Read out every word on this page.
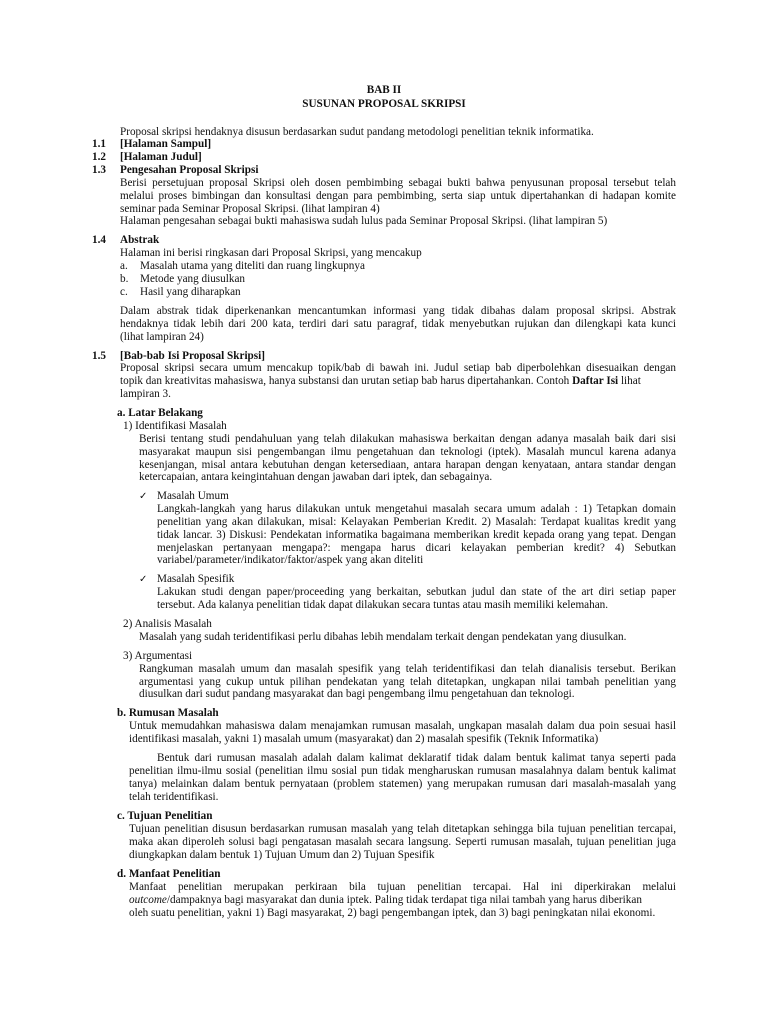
BAB II
SUSUNAN PROPOSAL SKRIPSI
Proposal skripsi hendaknya disusun berdasarkan sudut pandang metodologi penelitian teknik informatika.
1.1 [Halaman Sampul]
1.2 [Halaman Judul]
1.3 Pengesahan Proposal Skripsi
Berisi persetujuan proposal Skripsi oleh dosen pembimbing sebagai bukti bahwa penyusunan proposal tersebut telah
melalui proses bimbingan dan konsultasi dengan para pembimbing, serta siap untuk dipertahankan di hadapan komite
seminar pada Seminar Proposal Skripsi. (lihat lampiran 4)
Halaman pengesahan sebagai bukti mahasiswa sudah lulus pada Seminar Proposal Skripsi. (lihat lampiran 5)
1.4 Abstrak
Halaman ini berisi ringkasan dari Proposal Skripsi, yang mencakup
a. Masalah utama yang diteliti dan ruang lingkupnya
b. Metode yang diusulkan
c. Hasil yang diharapkan
Dalam abstrak tidak diperkenankan mencantumkan informasi yang tidak dibahas dalam proposal skripsi. Abstrak
hendaknya tidak lebih dari 200 kata, terdiri dari satu paragraf, tidak menyebutkan rujukan dan dilengkapi kata kunci
(lihat lampiran 24)
1.5 [Bab-bab Isi Proposal Skripsi]
Proposal skripsi secara umum mencakup topik/bab di bawah ini. Judul setiap bab diperbolehkan disesuaikan dengan
topik dan kreativitas mahasiswa, hanya substansi dan urutan setiap bab harus dipertahankan. Contoh Daftar Isi lihat
lampiran 3.
a. Latar Belakang
1) Identifikasi Masalah
Berisi tentang studi pendahuluan yang telah dilakukan mahasiswa berkaitan dengan adanya masalah baik dari sisi
masyarakat maupun sisi pengembangan ilmu pengetahuan dan teknologi (iptek). Masalah muncul karena adanya
kesenjangan, misal antara kebutuhan dengan ketersediaan, antara harapan dengan kenyataan, antara standar dengan
ketercapaian, antara keingintahuan dengan jawaban dari iptek, dan sebagainya.
✓ Masalah Umum
Langkah-langkah yang harus dilakukan untuk mengetahui masalah secara umum adalah : 1) Tetapkan domain
penelitian yang akan dilakukan, misal: Kelayakan Pemberian Kredit. 2) Masalah: Terdapat kualitas kredit yang
tidak lancar. 3) Diskusi: Pendekatan informatika bagaimana memberikan kredit kepada orang yang tepat. Dengan
menjelaskan pertanyaan mengapa?: mengapa harus dicari kelayakan pemberian kredit? 4) Sebutkan
variabel/parameter/indikator/faktor/aspek yang akan diteliti
✓ Masalah Spesifik
Lakukan studi dengan paper/proceeding yang berkaitan, sebutkan judul dan state of the art diri setiap paper
tersebut. Ada kalanya penelitian tidak dapat dilakukan secara tuntas atau masih memiliki kelemahan.
2) Analisis Masalah
Masalah yang sudah teridentifikasi perlu dibahas lebih mendalam terkait dengan pendekatan yang diusulkan.
3) Argumentasi
Rangkuman masalah umum dan masalah spesifik yang telah teridentifikasi dan telah dianalisis tersebut. Berikan
argumentasi yang cukup untuk pilihan pendekatan yang telah ditetapkan, ungkapan nilai tambah penelitian yang
diusulkan dari sudut pandang masyarakat dan bagi pengembang ilmu pengetahuan dan teknologi.
b. Rumusan Masalah
Untuk memudahkan mahasiswa dalam menajamkan rumusan masalah, ungkapan masalah dalam dua poin sesuai hasil
identifikasi masalah, yakni 1) masalah umum (masyarakat) dan 2) masalah spesifik (Teknik Informatika)
Bentuk dari rumusan masalah adalah dalam kalimat deklaratif tidak dalam bentuk kalimat tanya seperti pada
penelitian ilmu-ilmu sosial (penelitian ilmu sosial pun tidak mengharuskan rumusan masalahnya dalam bentuk kalimat
tanya) melainkan dalam bentuk pernyataan (problem statemen) yang merupakan rumusan dari masalah-masalah yang
telah teridentifikasi.
c. Tujuan Penelitian
Tujuan penelitian disusun berdasarkan rumusan masalah yang telah ditetapkan sehingga bila tujuan penelitian tercapai,
maka akan diperoleh solusi bagi pengatasan masalah secara langsung. Seperti rumusan masalah, tujuan penelitian juga
diungkapkan dalam bentuk 1) Tujuan Umum dan 2) Tujuan Spesifik
d. Manfaat Penelitian
Manfaat penelitian merupakan perkiraan bila tujuan penelitian tercapai. Hal ini diperkirakan melalui
outcome/dampaknya bagi masyarakat dan dunia iptek. Paling tidak terdapat tiga nilai tambah yang harus diberikan
oleh suatu penelitian, yakni 1) Bagi masyarakat, 2) bagi pengembangan iptek, dan 3) bagi peningkatan nilai ekonomi.
